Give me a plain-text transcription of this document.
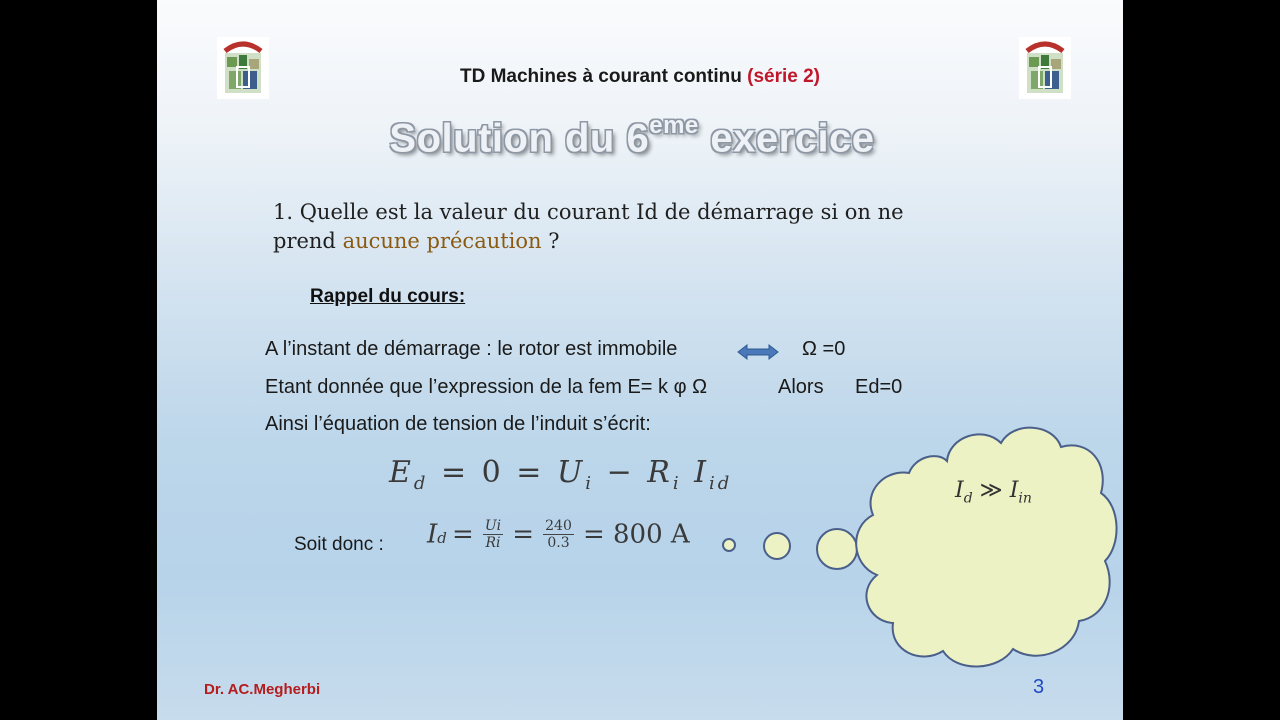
TD Machines à courant continu (série 2)
Solution du 6eme exercice
1. Quelle est la valeur du courant Id de démarrage si on ne
prend aucune précaution ?
Rappel du cours:
A l’instant de démarrage : le rotor est immobile	Ω =0
Etant donnée que l’expression de la fem E= k φ Ω	Alors Ed=0
Ainsi l’équation de tension de l’induit s’écrit:
$E_d = 0 = U_i - R_i$ $I_{id}$
Soit donc : $I_d = \frac{Ui}{Ri} = \frac{240}{0.3} = 800$ A
$I_d$ ≫ $I_{in}$
Dr. AC.Megherbi	3
